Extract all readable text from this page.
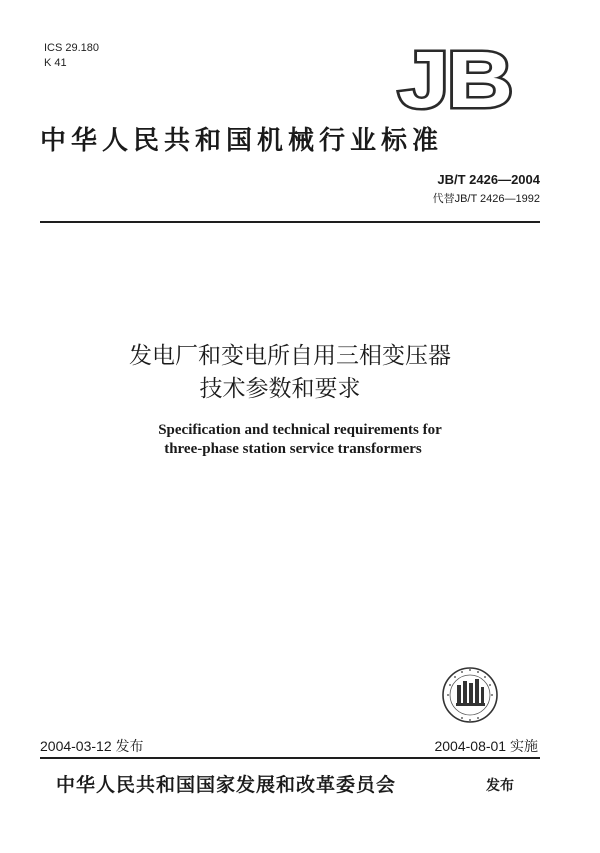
ICS 29.180
K 41	JB
中华人民共和国机械行业标准
JB/T 2426—2004
代替JB/T 2426—1992
发电厂和变电所自用三相变压器
技术参数和要求
Specification and technical requirements for
three-phase station service transformers
2004-03-12 发布	2004-08-01 实施
中华人民共和国国家发展和改革委员会	发布
